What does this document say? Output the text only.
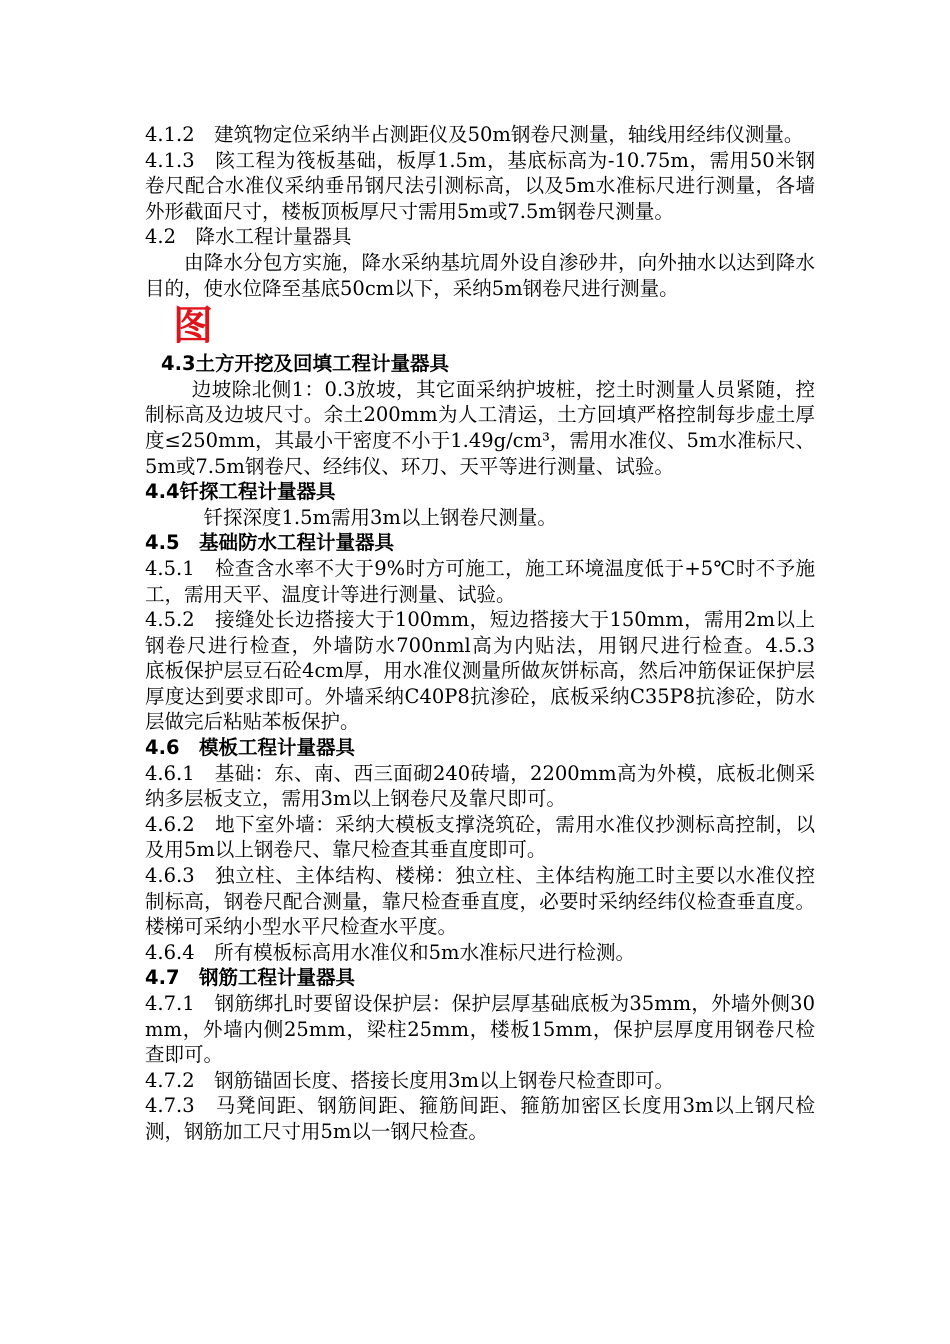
4.1.2　建筑物定位采纳半占测距仪及50m钢卷尺测量，轴线用经纬仪测量。
4.1.3　陔工程为筏板基础，板厚1.5m，基底标高为-10.75m，需用50米钢卷尺配合水准仪采纳垂吊钢尺法引测标高，以及5m水准标尺进行测量，各墙外形截面尺寸，楼板顶板厚尺寸需用5m或7.5m钢卷尺测量。
4.2　降水工程计量器具
由降水分包方实施，降水采纳基坑周外设自渗砂井，向外抽水以达到降水目的，使水位降至基底50cm以下，采纳5m钢卷尺进行测量。
图
4.3土方开挖及回填工程计量器具
边坡除北侧1：0.3放坡，其它面采纳护坡桩，挖土时测量人员紧随，控制标高及边坡尺寸。余土200mm为人工清运，土方回填严格控制每步虚土厚度≤250mm，其最小干密度不小于1.49g/cm³，需用水准仪、5m水准标尺、5m或7.5m钢卷尺、经纬仪、环刀、天平等进行测量、试验。
4.4钎探工程计量器具
钎探深度1.5m需用3m以上钢卷尺测量。
4.5　基础防水工程计量器具
4.5.1　检查含水率不大于9%时方可施工，施工环境温度低于+5℃时不予施工，需用天平、温度计等进行测量、试验。
4.5.2　接缝处长边搭接大于100mm，短边搭接大于150mm，需用2m以上钢卷尺进行检查，外墙防水700nml高为内贴法，用钢尺进行检查。4.5.3　底板保护层豆石砼4cm厚，用水准仪测量所做灰饼标高，然后冲筋保证保护层厚度达到要求即可。外墙采纳C40P8抗渗砼，底板采纳C35P8抗渗砼，防水层做完后粘贴苯板保护。
4.6　模板工程计量器具
4.6.1　基础：东、南、西三面砌240砖墙，2200mm高为外模，底板北侧采纳多层板支立，需用3m以上钢卷尺及靠尺即可。
4.6.2　地下室外墙：采纳大模板支撑浇筑砼，需用水准仪抄测标高控制，以及用5m以上钢卷尺、靠尺检查其垂直度即可。
4.6.3　独立柱、主体结构、楼梯：独立柱、主体结构施工时主要以水准仪控制标高，钢卷尺配合测量，靠尺检查垂直度，必要时采纳经纬仪检查垂直度。楼梯可采纳小型水平尺检查水平度。
4.6.4　所有模板标高用水准仪和5m水准标尺进行检测。
4.7　钢筋工程计量器具
4.7.1　钢筋绑扎时要留设保护层：保护层厚基础底板为35mm，外墙外侧30mm，外墙内侧25mm，梁柱25mm，楼板15mm，保护层厚度用钢卷尺检查即可。
4.7.2　钢筋锚固长度、搭接长度用3m以上钢卷尺检查即可。
4.7.3　马凳间距、钢筋间距、箍筋间距、箍筋加密区长度用3m以上钢尺检测，钢筋加工尺寸用5m以一钢尺检查。
